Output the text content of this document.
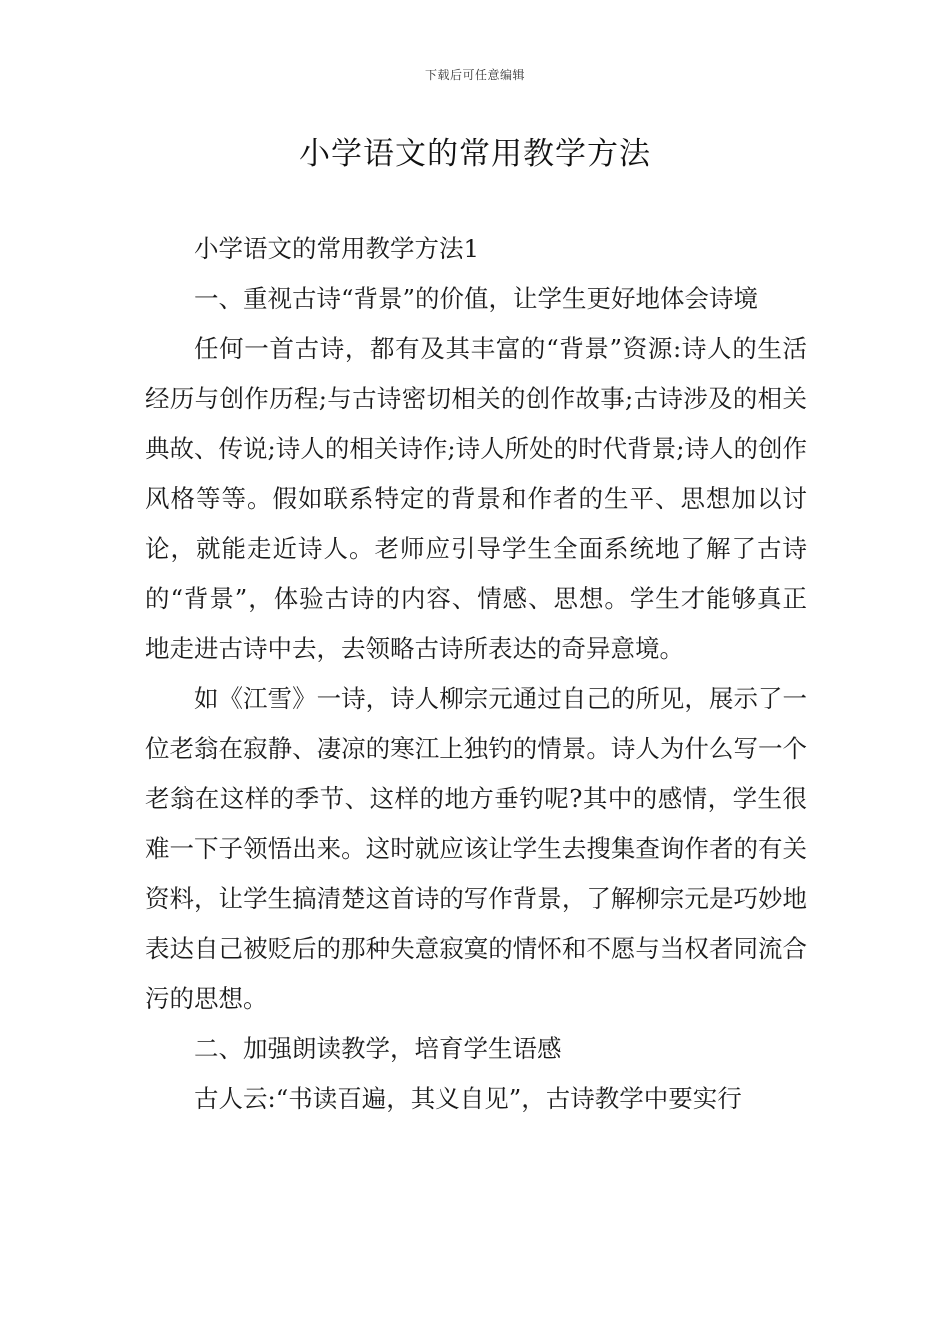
下载后可任意编辑
小学语文的常用教学方法

小学语文的常用教学方法1

一、重视古诗“背景”的价值，让学生更好地体会诗境

任何一首古诗，都有及其丰富的“背景”资源:诗人的生活经历与创作历程;与古诗密切相关的创作故事;古诗涉及的相关典故、传说;诗人的相关诗作;诗人所处的时代背景;诗人的创作风格等等。假如联系特定的背景和作者的生平、思想加以讨论，就能走近诗人。老师应引导学生全面系统地了解了古诗的“背景”，体验古诗的内容、情感、思想。学生才能够真正地走进古诗中去，去领略古诗所表达的奇异意境。

如《江雪》一诗，诗人柳宗元通过自己的所见，展示了一位老翁在寂静、凄凉的寒江上独钓的情景。诗人为什么写一个老翁在这样的季节、这样的地方垂钓呢?其中的感情，学生很难一下子领悟出来。这时就应该让学生去搜集查询作者的有关资料，让学生搞清楚这首诗的写作背景，了解柳宗元是巧妙地表达自己被贬后的那种失意寂寞的情怀和不愿与当权者同流合污的思想。

二、加强朗读教学，培育学生语感

古人云:“书读百遍，其义自见”，古诗教学中要实行
